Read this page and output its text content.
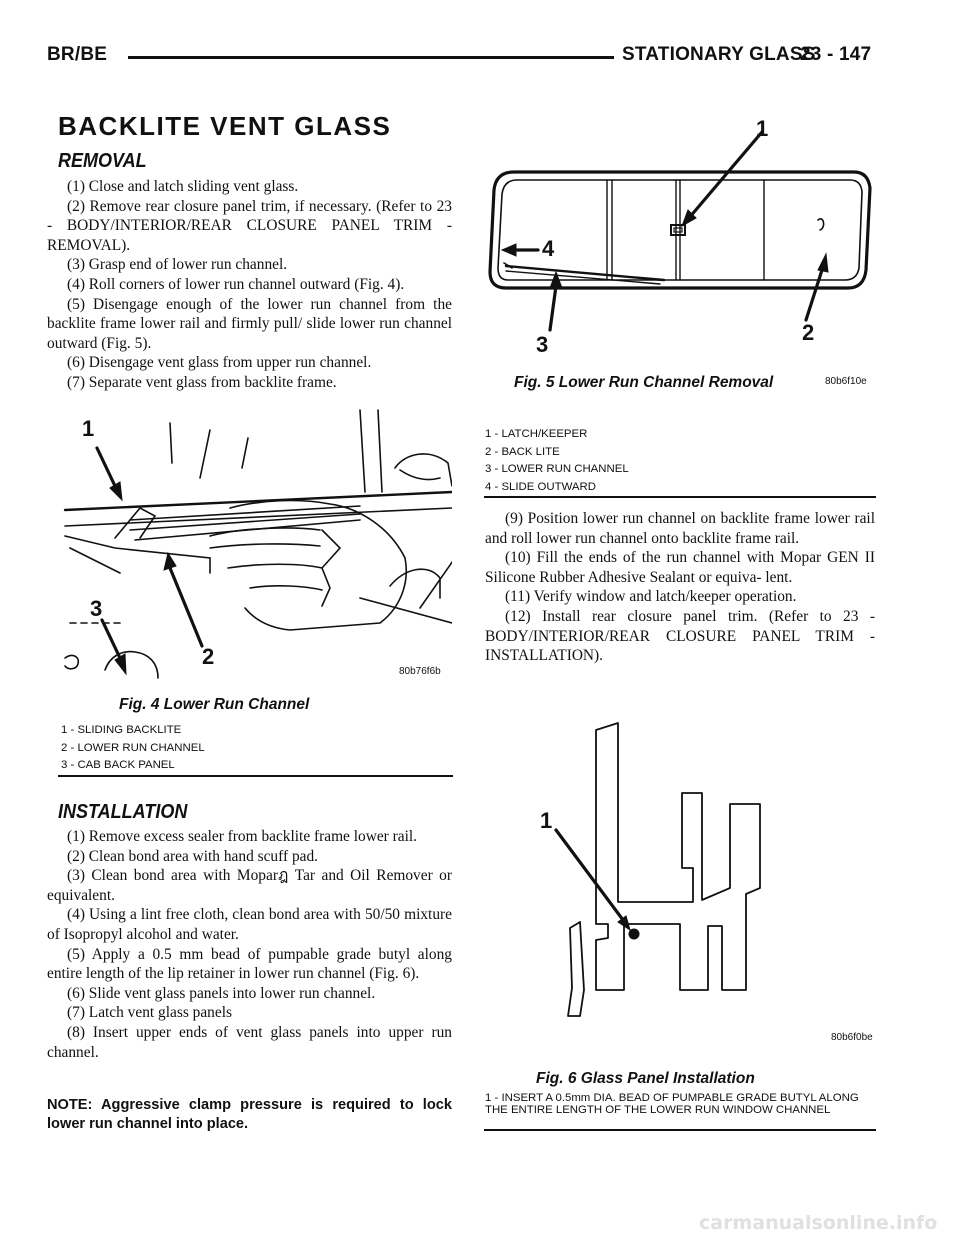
BR/BE	STATIONARY GLASS
23 - 147
BACKLITE VENT GLASS
REMOVAL

(1) Close and latch sliding vent glass.

(2) Remove rear closure panel trim, if necessary. (Refer to 23 - BODY/INTERIOR/REAR CLOSURE PANEL TRIM - REMOVAL).

(3) Grasp end of lower run channel.

(4) Roll corners of lower run channel outward (Fig. 4).

(5) Disengage enough of the lower run channel from the backlite frame lower rail and firmly pull/ slide lower run channel outward (Fig. 5).

(6) Disengage vent glass from upper run channel.

(7) Separate vent glass from backlite frame.

1
3
2
80b76f6b
Fig. 4 Lower Run Channel
1 - SLIDING BACKLITE
2 - LOWER RUN CHANNEL
3 - CAB BACK PANEL
INSTALLATION

(1) Remove excess sealer from backlite frame lower rail.

(2) Clean bond area with hand scuff pad.

(3) Clean bond area with Moparฎ Tar and Oil Remover or equivalent.

(4) Using a lint free cloth, clean bond area with 50/50 mixture of Isopropyl alcohol and water.

(5) Apply a 0.5 mm bead of pumpable grade butyl along entire length of the lip retainer in lower run channel (Fig. 6).

(6) Slide vent glass panels into lower run channel.

(7) Latch vent glass panels

(8) Insert upper ends of vent glass panels into upper run channel.

NOTE: Aggressive clamp pressure is required to lock lower run channel into place.
1
2
3
4
80b6f10e
Fig. 5 Lower Run Channel Removal
1 - LATCH/KEEPER
2 - BACK LITE
3 - LOWER RUN CHANNEL
4 - SLIDE OUTWARD

(9) Position lower run channel on backlite frame lower rail and roll lower run channel onto backlite frame rail.

(10) Fill the ends of the run channel with Mopar GEN II Silicone Rubber Adhesive Sealant or equiva- lent.

(11) Verify window and latch/keeper operation.

(12) Install rear closure panel trim. (Refer to 23 - BODY/INTERIOR/REAR CLOSURE PANEL TRIM - INSTALLATION).

1
80b6f0be
Fig. 6 Glass Panel Installation
1 - INSERT A 0.5mm DIA. BEAD OF PUMPABLE GRADE BUTYL ALONG THE ENTIRE LENGTH OF THE LOWER RUN WINDOW CHANNEL
carmanualsonline.info
